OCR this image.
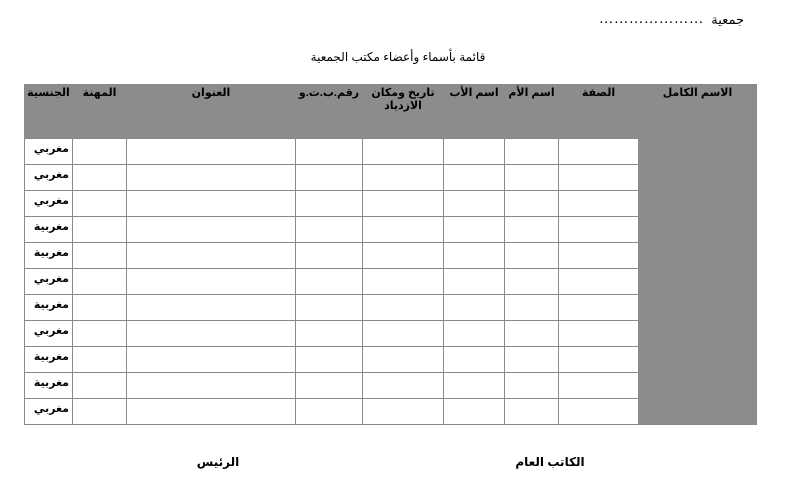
جمعية …………………
قائمة بأسماء وأعضاء مكتب الجمعية
الاسم الكامل	الصفة	اسم الأم	اسم الأب	تاريخ ومكان الازدياد	رقم.ب.ت.و	العنوان	المهنة	الجنسية
								مغربي
								مغربي
								مغربي
								مغربية
								مغربية
								مغربي
								مغربية
								مغربي
								مغربية
								مغربية
								مغربي
الكاتب العام
الرئيس
